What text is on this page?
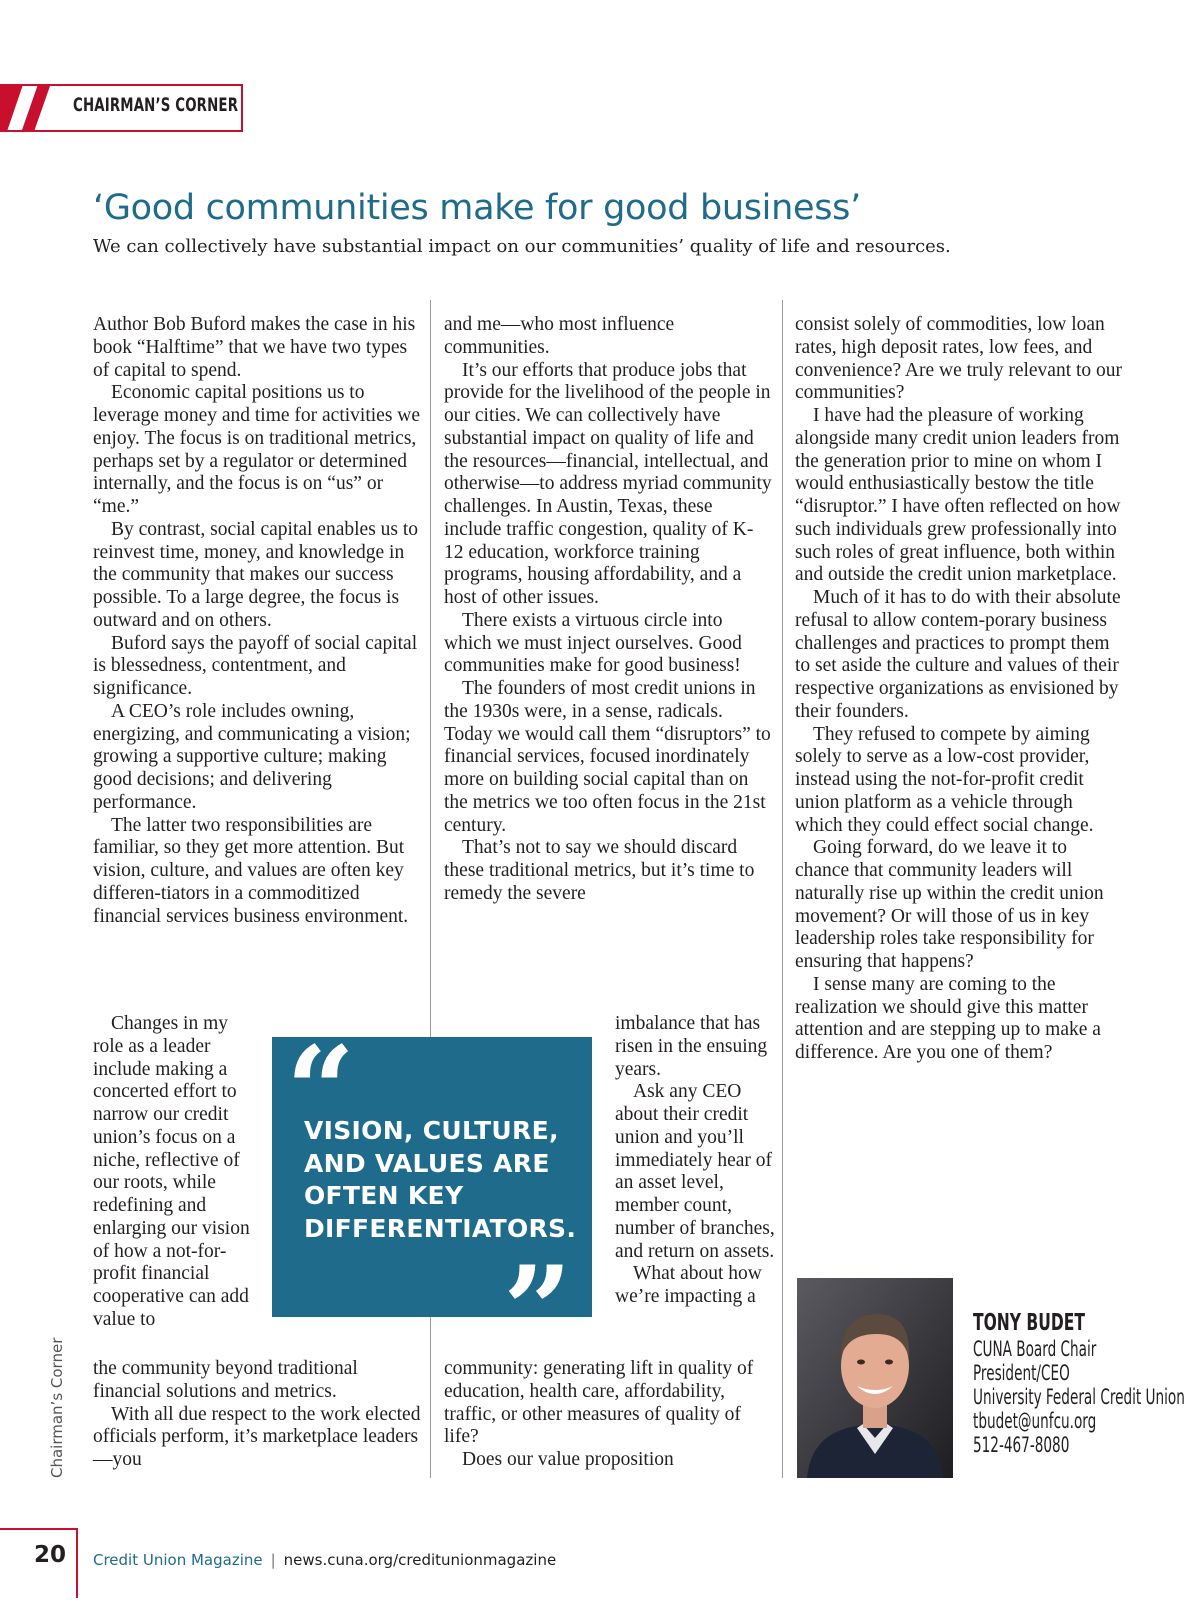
CHAIRMAN’S CORNER
‘Good communities make for good business’
We can collectively have substantial impact on our communities’ quality of life and resources.

Author Bob Buford makes the case in his book “Halftime” that we have two types of capital to spend.

Economic capital positions us to leverage money and time for activities we enjoy. The focus is on traditional metrics, perhaps set by a regulator or determined internally, and the focus is on “us” or “me.”

By contrast, social capital enables us to reinvest time, money, and knowledge in the community that makes our success possible. To a large degree, the focus is outward and on others.

Buford says the payoff of social capital is blessedness, contentment, and significance.

A CEO’s role includes owning, energizing, and communicating a vision; growing a supportive culture; making good decisions; and delivering performance.

The latter two responsibilities are familiar, so they get more attention. But vision, culture, and values are often key differen-tiators in a commoditized financial services business environment.

Changes in my role as a leader include making a concerted effort to narrow our credit union’s focus on a niche, reflective of our roots, while redefining and enlarging our vision of how a not-for-profit financial cooperative can add value to

the community beyond traditional financial solutions and metrics.

With all due respect to the work elected officials perform, it’s marketplace leaders—you

and me—who most influence communities.

It’s our efforts that produce jobs that provide for the livelihood of the people in our cities. We can collectively have substantial impact on quality of life and the resources—financial, intellectual, and otherwise—to address myriad community challenges. In Austin, Texas, these include traffic congestion, quality of K-12 education, workforce training programs, housing affordability, and a host of other issues.

There exists a virtuous circle into which we must inject ourselves. Good communities make for good business!

The founders of most credit unions in the 1930s were, in a sense, radicals. Today we would call them “disruptors” to financial services, focused inordinately more on building social capital than on the metrics we too often focus in the 21st century.

That’s not to say we should discard these traditional metrics, but it’s time to remedy the severe

imbalance that has risen in the ensuing years.

Ask any CEO about their credit union and you’ll immediately hear of an asset level, member count, number of branches, and return on assets.

What about how we’re impacting a

community: generating lift in quality of education, health care, affordability, traffic, or other measures of quality of life?

Does our value proposition

consist solely of commodities, low loan rates, high deposit rates, low fees, and convenience? Are we truly relevant to our communities?

I have had the pleasure of working alongside many credit union leaders from the generation prior to mine on whom I would enthusiastically bestow the title “disruptor.” I have often reflected on how such individuals grew professionally into such roles of great influence, both within and outside the credit union marketplace.

Much of it has to do with their absolute refusal to allow contem-porary business challenges and practices to prompt them to set aside the culture and values of their respective organizations as envisioned by their founders.

They refused to compete by aiming solely to serve as a low-cost provider, instead using the not-for-profit credit union platform as a vehicle through which they could effect social change.

Going forward, do we leave it to chance that community leaders will naturally rise up within the credit union movement? Or will those of us in key leadership roles take responsibility for ensuring that happens?

I sense many are coming to the realization we should give this matter attention and are stepping up to make a difference. Are you one of them?

“
VISION, CULTURE, AND VALUES ARE OFTEN KEY DIFFERENTIATORS.
”	TONY BUDET
CUNA Board Chair
President/CEO
University Federal Credit Union
tbudet@unfcu.org
512-467-8080
Chairman’s Corner
20 Credit Union Magazine | news.cuna.org/creditunionmagazine
